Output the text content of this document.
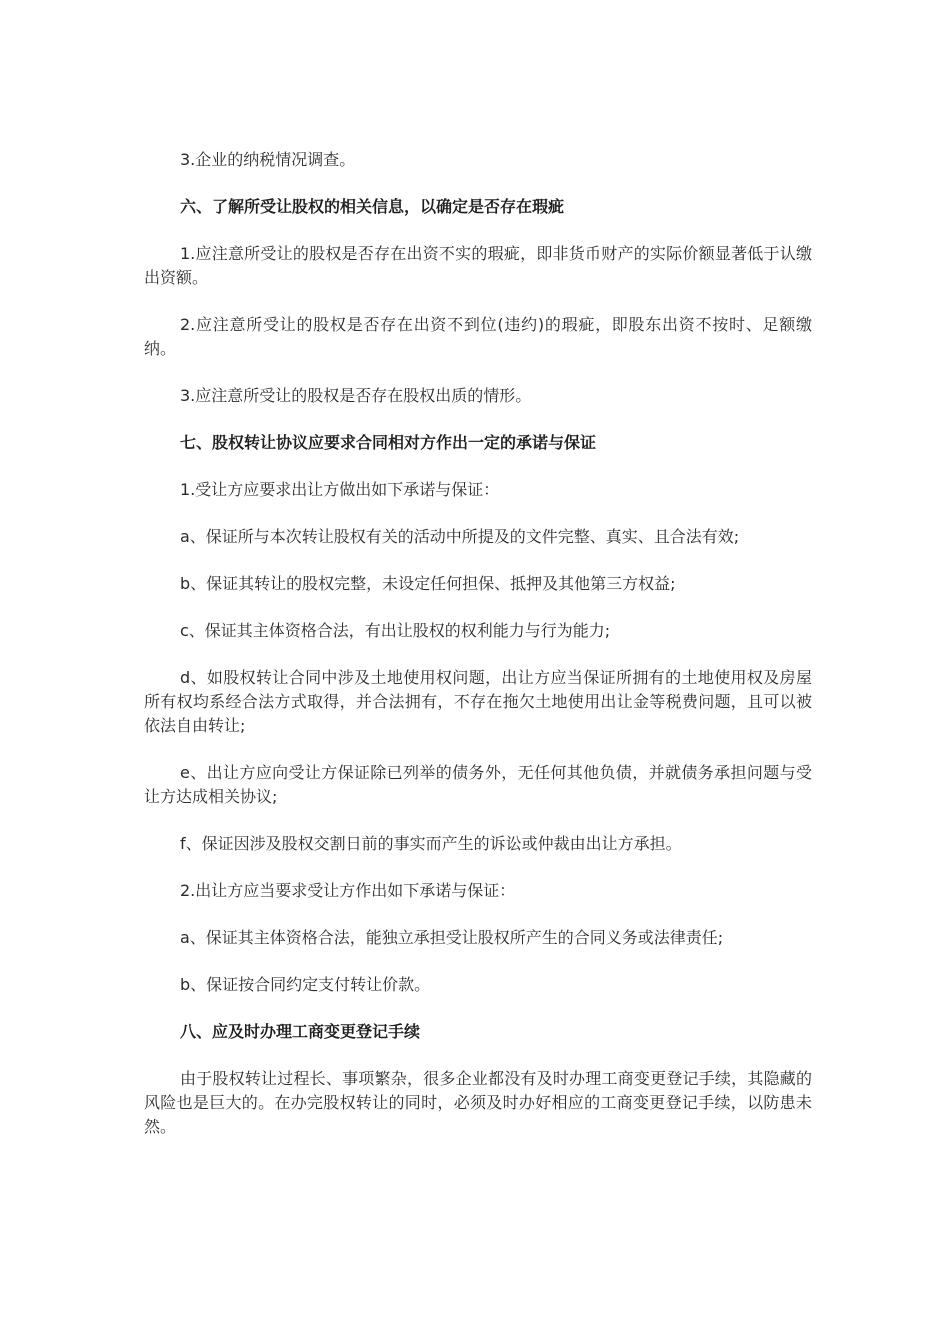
3.企业的纳税情况调查。

六、了解所受让股权的相关信息，以确定是否存在瑕疵

1.应注意所受让的股权是否存在出资不实的瑕疵，即非货币财产的实际价额显著低于认缴出资额。

2.应注意所受让的股权是否存在出资不到位(违约)的瑕疵，即股东出资不按时、足额缴纳。

3.应注意所受让的股权是否存在股权出质的情形。

七、股权转让协议应要求合同相对方作出一定的承诺与保证

1.受让方应要求出让方做出如下承诺与保证：

a、保证所与本次转让股权有关的活动中所提及的文件完整、真实、且合法有效;

b、保证其转让的股权完整，未设定任何担保、抵押及其他第三方权益;

c、保证其主体资格合法，有出让股权的权利能力与行为能力;

d、如股权转让合同中涉及土地使用权问题，出让方应当保证所拥有的土地使用权及房屋所有权均系经合法方式取得，并合法拥有，不存在拖欠土地使用出让金等税费问题，且可以被依法自由转让;

e、出让方应向受让方保证除已列举的债务外，无任何其他负债，并就债务承担问题与受让方达成相关协议;

f、保证因涉及股权交割日前的事实而产生的诉讼或仲裁由出让方承担。

2.出让方应当要求受让方作出如下承诺与保证：

a、保证其主体资格合法，能独立承担受让股权所产生的合同义务或法律责任;

b、保证按合同约定支付转让价款。

八、应及时办理工商变更登记手续

由于股权转让过程长、事项繁杂，很多企业都没有及时办理工商变更登记手续，其隐藏的风险也是巨大的。在办完股权转让的同时，必须及时办好相应的工商变更登记手续，以防患未然。
